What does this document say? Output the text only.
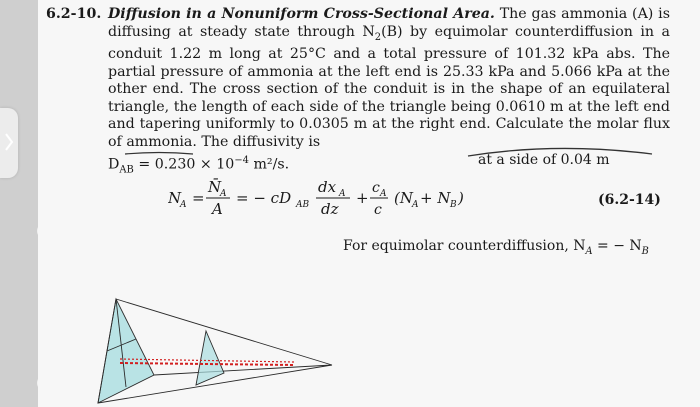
6.2-10. Diffusion in a Nonuniform Cross-Sectional Area. The gas ammonia (A) is diffusing at steady state through $N_2(B)$ by equimolar counterdiffusion in a conduit 1.22 m long at 25°C and a total pressure of 101.32 kPa abs. The partial pressure of ammonia at the left end is 25.33 kPa and 5.066 kPa at the other end. The cross section of the conduit is in the shape of an equilateral triangle, the length of each side of the triangle being 0.0610 m at the left end and tapering uniformly to 0.0305 m at the right end. Calculate the molar flux of ammonia.
The diffusivity is
$D_{AB} = 0.230 \times 10^{-4}$ m²/s.	at a side of 0.04 m
N
A =
N̄
A
A
= − cD AB
dx A
dz
+
c A
c
(N A + N B )	(6.2-14)
For equimolar counterdiffusion, $N_A$ = − $N_B$
